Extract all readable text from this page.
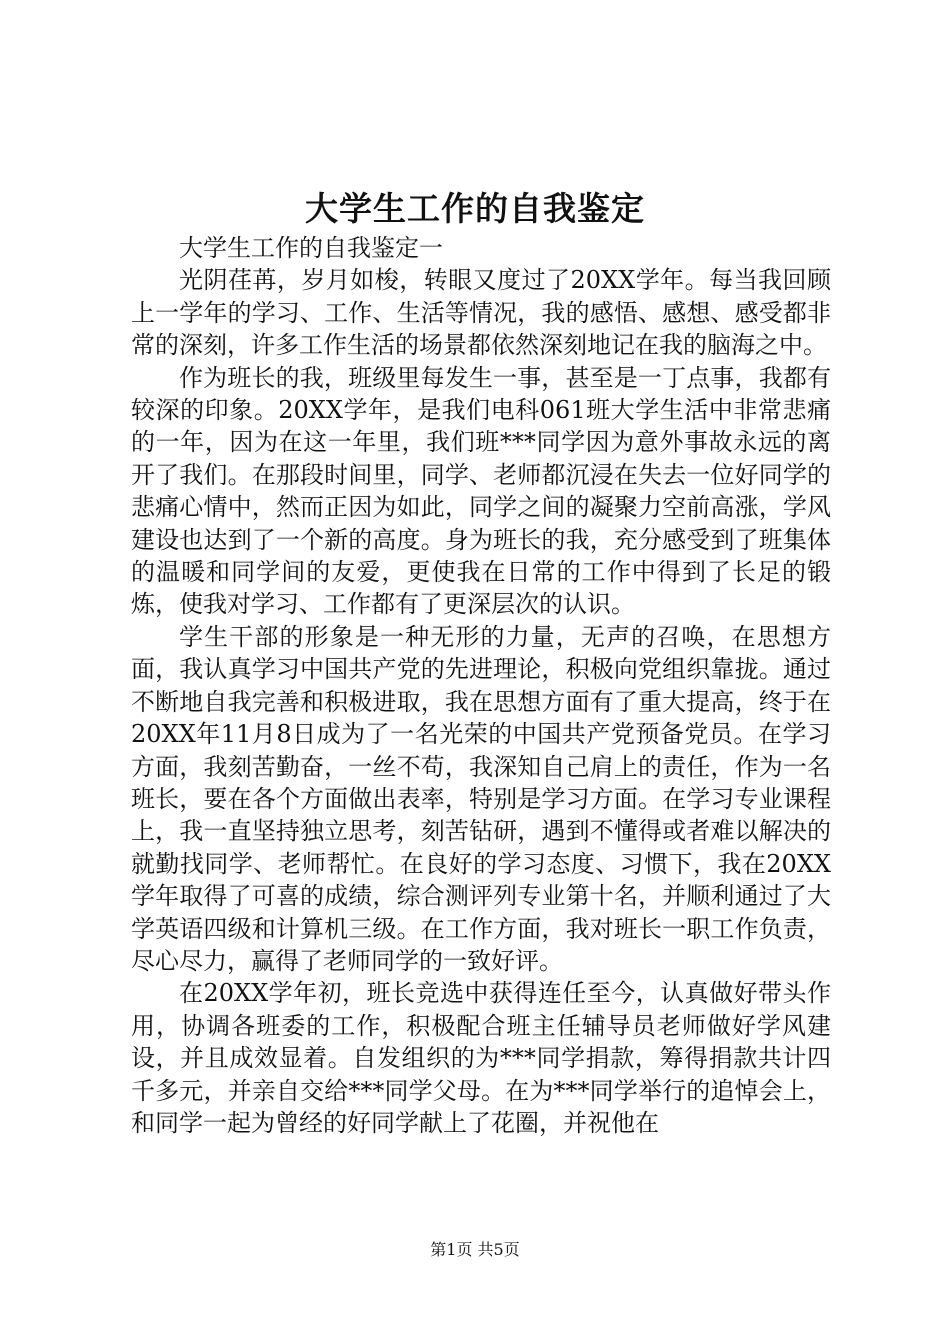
大学生工作的自我鉴定

大学生工作的自我鉴定一

光阴荏苒，岁月如梭，转眼又度过了20XX学年。每当我回顾上一学年的学习、工作、生活等情况，我的感悟、感想、感受都非常的深刻，许多工作生活的场景都依然深刻地记在我的脑海之中。

作为班长的我，班级里每发生一事，甚至是一丁点事，我都有较深的印象。20XX学年，是我们电科061班大学生活中非常悲痛的一年，因为在这一年里，我们班***同学因为意外事故永远的离开了我们。在那段时间里，同学、老师都沉浸在失去一位好同学的悲痛心情中，然而正因为如此，同学之间的凝聚力空前高涨，学风建设也达到了一个新的高度。身为班长的我，充分感受到了班集体的温暖和同学间的友爱，更使我在日常的工作中得到了长足的锻炼，使我对学习、工作都有了更深层次的认识。

学生干部的形象是一种无形的力量，无声的召唤，在思想方面，我认真学习中国共产党的先进理论，积极向党组织靠拢。通过不断地自我完善和积极进取，我在思想方面有了重大提高，终于在20XX年11月8日成为了一名光荣的中国共产党预备党员。在学习方面，我刻苦勤奋，一丝不苟，我深知自己肩上的责任，作为一名班长，要在各个方面做出表率，特别是学习方面。在学习专业课程上，我一直坚持独立思考，刻苦钻研，遇到不懂得或者难以解决的就勤找同学、老师帮忙。在良好的学习态度、习惯下，我在20XX学年取得了可喜的成绩，综合测评列专业第十名，并顺利通过了大学英语四级和计算机三级。在工作方面，我对班长一职工作负责，尽心尽力，赢得了老师同学的一致好评。

在20XX学年初，班长竞选中获得连任至今，认真做好带头作用，协调各班委的工作，积极配合班主任辅导员老师做好学风建设，并且成效显着。自发组织的为***同学捐款，筹得捐款共计四千多元，并亲自交给***同学父母。在为***同学举行的追悼会上，和同学一起为曾经的好同学献上了花圈，并祝他在

第1页 共5页
